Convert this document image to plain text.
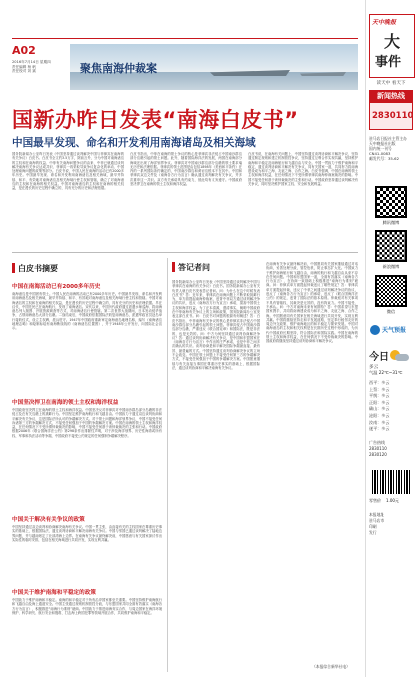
A02
2016年7月14日 星期四
责任编辑 杨 帆
责任校对 刘 斌	聚焦南海仲裁案
国新办昨日发表“南海白皮书”
中国最早发现、命名和开发利用南海诸岛及相关海域
国务院新闻办公室昨日发表《中国坚持通过谈判解决中国与菲律宾在南海的有关争议》白皮书。白皮书全文约3.5万字，除前言外，分为中国对南海诸岛的主权和在南海的权益、中菲有关南海问题争议的由来、中菲已就通过谈判解决南海有关争议达成共识、菲律宾一再采取导致争议复杂化的举动、中国处理南海问题的政策等部分。白皮书说，中国人民在南海的活动已有2000多年历史。中国最早发现、命名和开发利用南海诸岛及相关海域，最早并持续、和平、有效地对南海诸岛及相关海域行使主权和管辖，确立了对南海诸岛的主权和在南海的相关权益。中国对南海诸岛的主权和在南海的相关权益，是在漫长的历史过程中确立的，具有充分的历史和法理依据。
白皮书指出，中菲在南海的领土争议的核心是菲律宾非法侵占中国南沙群岛部分岛礁引起的领土问题。此外，随着国际海洋法的发展，两国在南海部分海域还出现了海洋划界争议。菲律宾对中国南沙群岛部分岛礁的领土要求毫无历史和法理依据。菲律宾的领土范围是由包括1898年《美西和平条约》在内的一系列国际条约确定的，中国南沙群岛和黄岩岛根本不在其中。中国和菲律宾双边文件及《南海各方行为宣言》确认通过谈判解决有关争议，并多次重申这一共识。双方有关承诺具有约束力，彼此均有义务遵守。中国政府坚决捍卫在南海的领土主权和海洋权益。
白皮书说，在南海有关问题上，中国坚持通过谈判协商和平解决争议，坚持通过制定规则和建立机制管控争议，坚持通过互利合作实现共赢，坚持维护南海和平稳定及南海航行和飞越自由与安全。中国一贯致力于维护南海和平稳定，通过谈判协商和平解决有关争议，同有关国家一道，共同努力将南海建设成为和平之海、友谊之海、合作之海。白皮书强调，中国在南海的领土主权和海洋权益，在任何情况下不受所谓菲律宾南海仲裁案裁决的影响。中国不接受任何基于该仲裁裁决的主张和行动。中国政府坚持通过谈判解决有关争议，同时坚决维护国家主权、安全和发展利益。
白皮书摘要
中国在南海活动已有2000多年历史
南海诸岛是中国固有领土。中国人民在南海的活动已有2000多年历史。中国最早发现、命名和开发利用南海诸岛及相关海域，最早并持续、和平、有效地对南海诸岛及相关海域行使主权和管辖。中国对南海诸岛的主权和在南海的相关权益，是在漫长的历史过程中确立的，具有充分的历史和法理依据。早在汉代，中国先民已在南海航行，发现了南海诸岛。宋代以来，中国历代政府通过派遣水师巡海、将南海诸岛列入版图、开展资源调查等方式，对南海诸岛行使管辖。第二次世界大战期间，日本发动侵华战争，占领南海诸岛大部分岛礁。二战结束后，中国政府依据国际法收复南海诸岛，派遣军政官员赴岛举行接收仪式，设立主权碑，派兵驻守。1947年中国政府重新审定南海诸岛地理名称，编写《南海诸岛地理志略》和绘制标绘有南海断续线的《南海诸岛位置图》，并于1948年公开发行，向国际社会宣示。
中国坚决捍卫在南海的领土主权和海洋权益
中国政府坚决捍卫在南海的领土主权和海洋权益。中国坚决反对菲律宾对中国南沙群岛部分岛礁的非法侵占及在有关岛礁上的挑衅行为。中国坚定维护南海航行和飞越自由。中国致力于通过双边谈判协商和平解决有关争议，这是国际法所认可的争端解决方式。对于领土问题和海洋划界争议，中国不接受任何诉诸第三方的争端解决方式，不接受任何强加于中国的争端解决方案。中国在南海的领土主权和海洋权益，在任何情况下不受所谓仲裁裁决的影响，中国不接受任何基于该仲裁裁决的主张和行动。中国政府根据2006年《联合国海洋法公约》第298条作出排除性声明，对于涉及海洋划界、历史性海湾或所有权、军事和执法活动等争端，中国政府不接受公约规定的任何强制争端解决程序。
中国关于解决有关争议的政策
中国坚持通过双边谈判和协商解决南海有关争议。中国一贯主张，由直接有关的主权国家在尊重历史事实的基础上，根据国际法，通过谈判协商和平解决南海有关争议。中国与邻国已通过谈判解决了陆地边界问题，并与越南划定了北部湾海上边界。在南海有关争议最终解决前，中国愿意与有关国家探讨作出实际性的临时安排，包括在相关海域进行共同开发，实现互利共赢。
中国关于维护南海和平稳定的政策
中国致力于维护南海和平稳定。南海的和平稳定对于所有沿岸国家都至关重要。中国坚持维护南海航行和飞越自由及海上通道安全。中国主张通过规则机制管控分歧，与东盟国家共同全面有效落实《南海各方行为宣言》，积极推进“南海行为准则”磋商。中国致力于推进南海务实合作，与周边国家在海洋环境保护、科学研究、航行安全和搜救、打击海上跨国犯罪等领域开展合作，共同维护南海和平稳定。
答记者问
国务院新闻办公室昨日发表《中国坚持通过谈判解决中国与菲律宾在南海的有关争议》白皮书。国务院新闻办公室有关负责人就白皮书发表答记者问。问：为什么在这个时候发表白皮书？答：近年来，菲律宾在南海问题上不断采取挑衅行为，单方面提起南海仲裁案，违背中菲双方通过谈判解决争议的共识，违反《南海各方行为宣言》承诺，损害中国领土主权和海洋权益。为了正本清源，澄清事实，阐明中国政府在中菲南海有关争议上的立场和政策，国务院新闻办公室发表这部白皮书。问：白皮书对问题的根源有何阐述？答：白皮书指出，中菲南海有关争议的核心是菲律宾非法侵占中国南沙群岛部分岛礁引起的领土问题。菲律宾侵占中国南沙群岛部分岛礁，严重违反《联合国宪章》和国际法，既是非法的，也是无效的。问：中方为何坚持通过谈判协商解决争议？答：通过谈判协商解决有关争议，是中国和东盟国家在《南海各方行为宣言》中作出的庄严承诺，也是中菲之间多次确认的共识。谈判协商是和平解决国际争端最直接、最有效、最普遍的方式。中国坚持通过谈判协商解决争议的立场不会改变。中国在领土问题上不接受任何第三方的争端解决方式，不接受任何强加于中国的争端解决方案。中国愿意继续与有关直接当事国在尊重历史事实的基础上，根据国际法，通过谈判协商和平解决南海有关争议。
在南海有关争议最终解决前，中国愿同有关国家继续通过对话协商，妥善处理分歧，管控危机，防止事态扩大化。中国致力于维护南海航行和飞越自由，南海的航行和飞越自由从来不存在任何问题。中国和东盟国家一道，全面有效落实《南海各方行为宣言》，在协商一致基础上积极推进“南海行为准则”磋商。问：菲律宾单方面提起仲裁违反了哪些规定？答：菲律宾单方面提起仲裁，违反了中菲之间通过谈判解决争议的协议，违反了《南海各方行为宣言》的承诺，违反了《联合国海洋法公约》的规定，违背了国际法的基本原则。仲裁庭对有关事项不具有管辖权，其裁决是无效的，没有拘束力。中国不接受、不承认。问：中方对南海未来有何期待？答：中国希望与东盟国家携手，共同将南海建设成为和平之海、友谊之海、合作之海。中国愿意同有关国家在相关海域进行共同开发，实现互利共赢。中国将继续坚持走和平发展道路，坚定奉行睦邻友好的周边外交政策，维护南海地区的和平稳定与繁荣发展。中国对南海诸岛的主权和相关权利是在长期历史过程中形成的，为历代中国政府长期坚持，符合国际法和国际实践。中国在南海的领土主权和海洋权益，在任何情况下不受仲裁裁决的影响。中国政府将继续坚持通过谈判协商和平解决争议。
（本报综合新华社电）
天中晚报
大
事件
读天中 看天下
新闻热线
2830110
驻马店日报社主管主办
天中晚报社出版
国内统一刊号
CN41-0083
邮发代号：35-62
腾讯微博
新浪微博
微信
天气预报
今日
多云
气温 22℃~31℃
西平：多云
上蔡：多云
平舆：多云
正阳：多云
确山：多云
泌阳：多云
汝南：多云
遂平：多云
广告热线
2830110
2830120
零售价 1.00元
本报地址
驻马店市
印刷
发行
